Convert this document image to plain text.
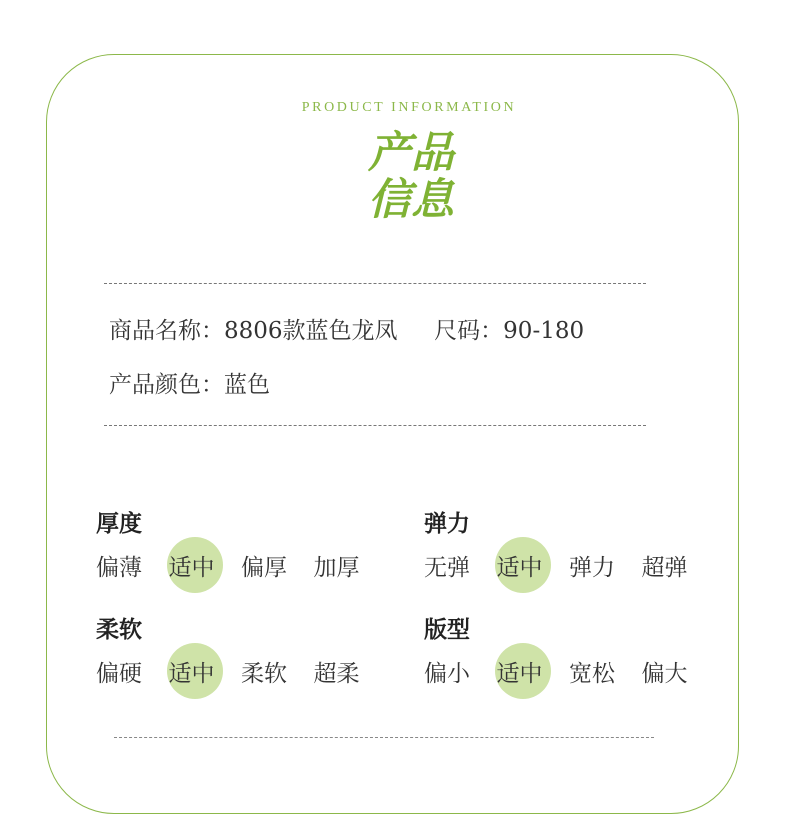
PRODUCT INFORMATION
产品
信息
商品名称：8806款蓝色龙凤 尺码：90-180
产品颜色：蓝色
厚度
偏薄 适中 偏厚 加厚
弹力
无弹 适中 弹力 超弹
柔软
偏硬 适中 柔软 超柔
版型
偏小 适中 宽松 偏大
